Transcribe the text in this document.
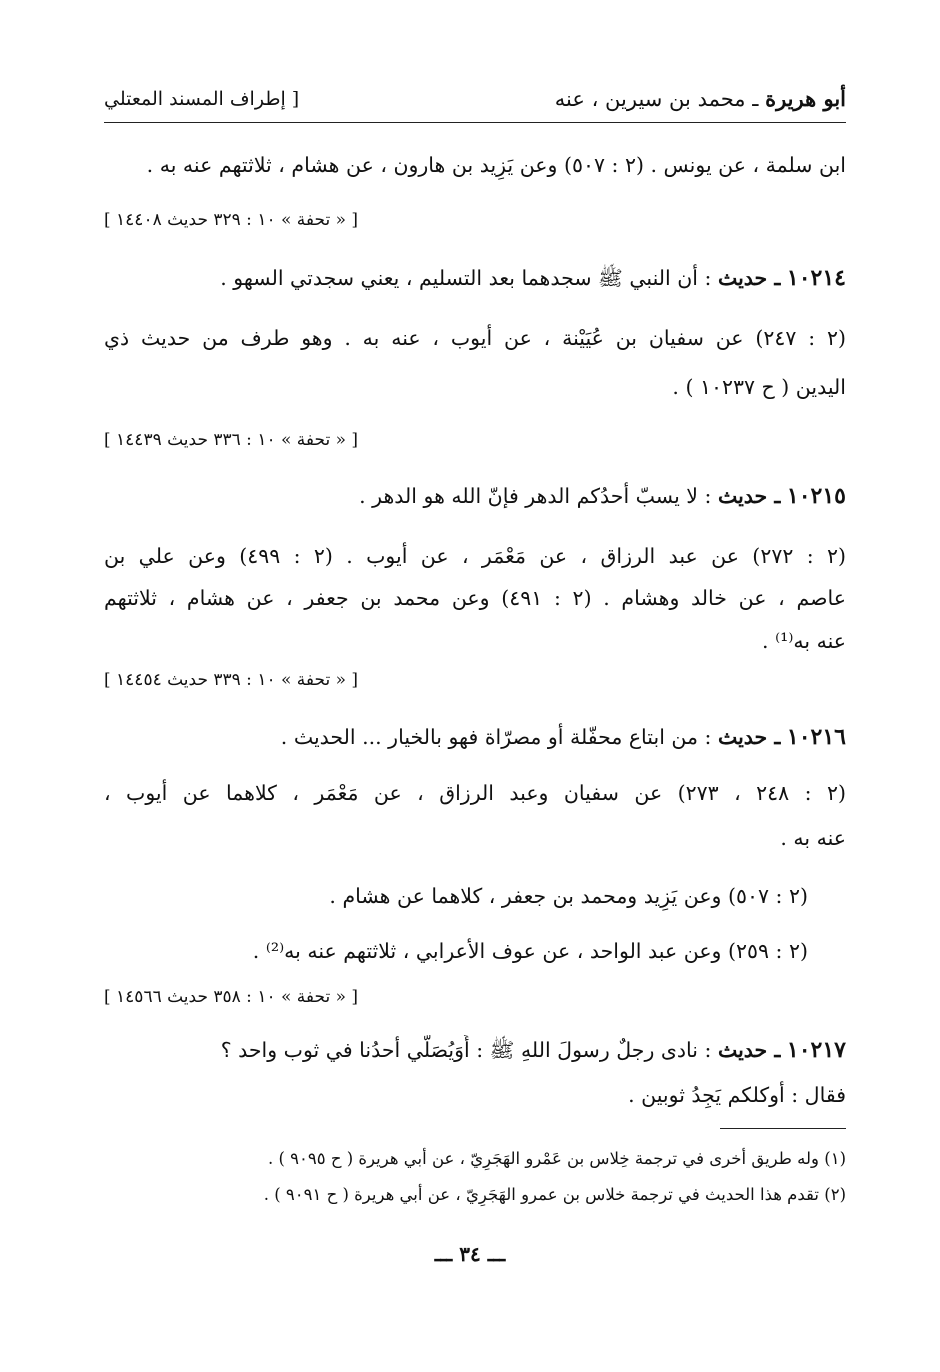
أبو هريرة ـ محمد بن سيرين ، عنه
[ إطراف المسند المعتلي
ابن سلمة ، عن يونس . (٢ : ٥٠٧) وعن يَزِيد بن هارون ، عن هشام ، ثلاثتهم عنه به .
[ « تحفة » ١٠ : ٣٢٩ حديث ١٤٤٠٨ ]
١٠٢١٤ ـ حديث : أن النبي ﷺ سجدهما بعد التسليم ، يعني سجدتي السهو .
(٢ : ٢٤٧) عن سفيان بن عُيَيْنة ، عن أيوب ، عنه به . وهو طرف من حديث ذي
اليدين ( ح ١٠٢٣٧ ) .
[ « تحفة » ١٠ : ٣٣٦ حديث ١٤٤٣٩ ]
١٠٢١٥ ـ حديث : لا يسبّ أحدُكم الدهر فإنّ الله هو الدهر .
(٢ : ٢٧٢) عن عبد الرزاق ، عن مَعْمَر ، عن أيوب . (٢ : ٤٩٩) وعن علي بن
عاصم ، عن خالد وهشام . (٢ : ٤٩١) وعن محمد بن جعفر ، عن هشام ، ثلاثتهم
عنه به⁽¹⁾ .
[ « تحفة » ١٠ : ٣٣٩ حديث ١٤٤٥٤ ]
١٠٢١٦ ـ حديث : من ابتاع محفّلة أو مصرّاة فهو بالخيار ... الحديث .
(٢ : ٢٤٨ ، ٢٧٣) عن سفيان وعبد الرزاق ، عن مَعْمَر ، كلاهما عن أيوب ،
عنه به .
(٢ : ٥٠٧) وعن يَزِيد ومحمد بن جعفر ، كلاهما عن هشام .
(٢ : ٢٥٩) وعن عبد الواحد ، عن عوف الأعرابي ، ثلاثتهم عنه به⁽²⁾ .
[ « تحفة » ١٠ : ٣٥٨ حديث ١٤٥٦٦ ]
١٠٢١٧ ـ حديث : نادى رجلٌ رسولَ اللهِ ﷺ : أَوَيُصَلّي أحدُنا في ثوب واحد ؟
فقال : أوكلكم يَجِدُ ثوبين .
(١) وله طريق أخرى في ترجمة خِلاس بن عَمْرو الهَجَرِيّ ، عن أبي هريرة ( ح ٩٠٩٥ ) .
(٢) تقدم هذا الحديث في ترجمة خلاس بن عمرو الهَجَرِيّ ، عن أبي هريرة ( ح ٩٠٩١ ) .
ـــ ٣٤ ـــ
